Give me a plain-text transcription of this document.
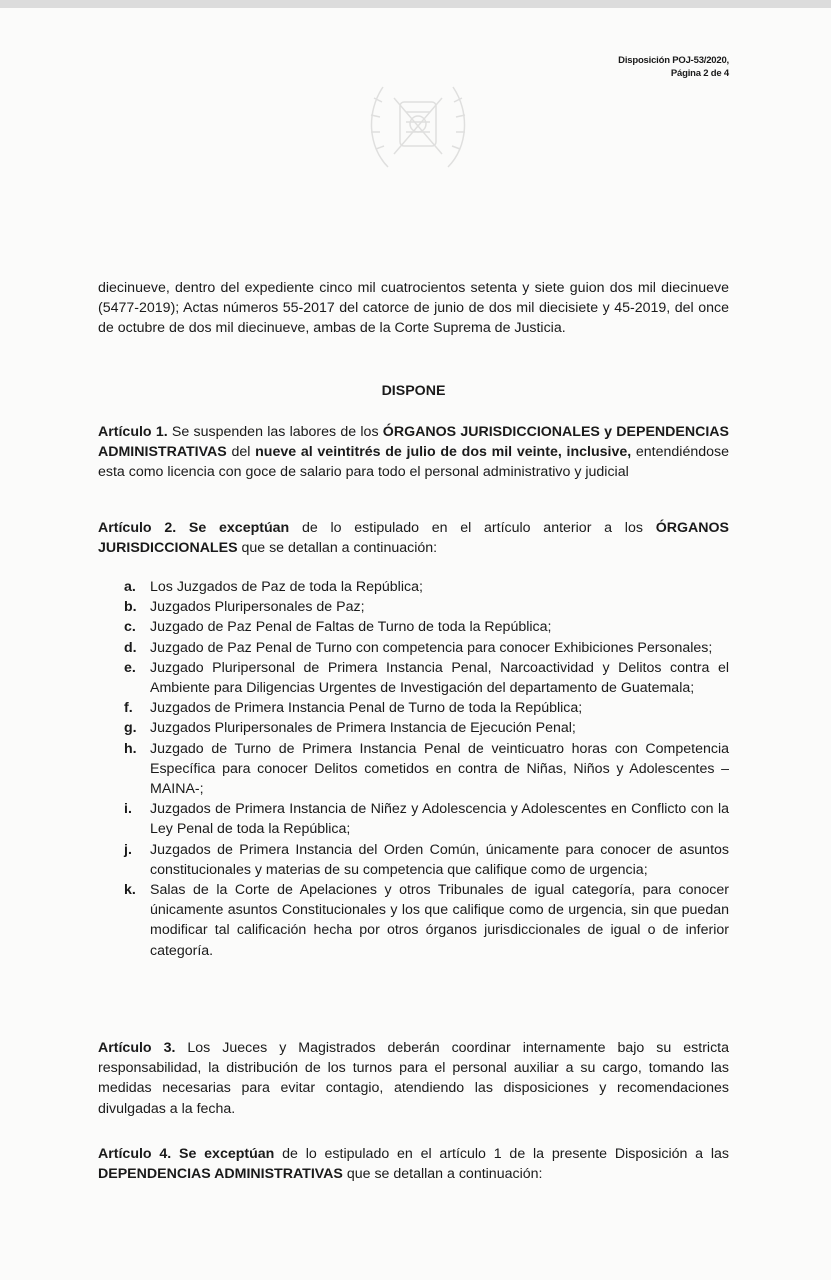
Disposición POJ-53/2020,
Página 2 de 4
diecinueve, dentro del expediente cinco mil cuatrocientos setenta y siete guion dos mil diecinueve (5477-2019); Actas números 55-2017 del catorce de junio de dos mil diecisiete y 45-2019, del once de octubre de dos mil diecinueve, ambas de la Corte Suprema de Justicia.
DISPONE
Artículo 1. Se suspenden las labores de los ÓRGANOS JURISDICCIONALES y DEPENDENCIAS ADMINISTRATIVAS del nueve al veintitrés de julio de dos mil veinte, inclusive, entendiéndose esta como licencia con goce de salario para todo el personal administrativo y judicial
Artículo 2. Se exceptúan de lo estipulado en el artículo anterior a los ÓRGANOS JURISDICCIONALES que se detallan a continuación:
a. Los Juzgados de Paz de toda la República;
b. Juzgados Pluripersonales de Paz;
c. Juzgado de Paz Penal de Faltas de Turno de toda la República;
d. Juzgado de Paz Penal de Turno con competencia para conocer Exhibiciones Personales;
e. Juzgado Pluripersonal de Primera Instancia Penal, Narcoactividad y Delitos contra el Ambiente para Diligencias Urgentes de Investigación del departamento de Guatemala;
f. Juzgados de Primera Instancia Penal de Turno de toda la República;
g. Juzgados Pluripersonales de Primera Instancia de Ejecución Penal;
h. Juzgado de Turno de Primera Instancia Penal de veinticuatro horas con Competencia Específica para conocer Delitos cometidos en contra de Niñas, Niños y Adolescentes –MAINA-;
i. Juzgados de Primera Instancia de Niñez y Adolescencia y Adolescentes en Conflicto con la Ley Penal de toda la República;
j. Juzgados de Primera Instancia del Orden Común, únicamente para conocer de asuntos constitucionales y materias de su competencia que califique como de urgencia;
k. Salas de la Corte de Apelaciones y otros Tribunales de igual categoría, para conocer únicamente asuntos Constitucionales y los que califique como de urgencia, sin que puedan modificar tal calificación hecha por otros órganos jurisdiccionales de igual o de inferior categoría.
Artículo 3. Los Jueces y Magistrados deberán coordinar internamente bajo su estricta responsabilidad, la distribución de los turnos para el personal auxiliar a su cargo, tomando las medidas necesarias para evitar contagio, atendiendo las disposiciones y recomendaciones divulgadas a la fecha.
Artículo 4. Se exceptúan de lo estipulado en el artículo 1 de la presente Disposición a las DEPENDENCIAS ADMINISTRATIVAS que se detallan a continuación:
